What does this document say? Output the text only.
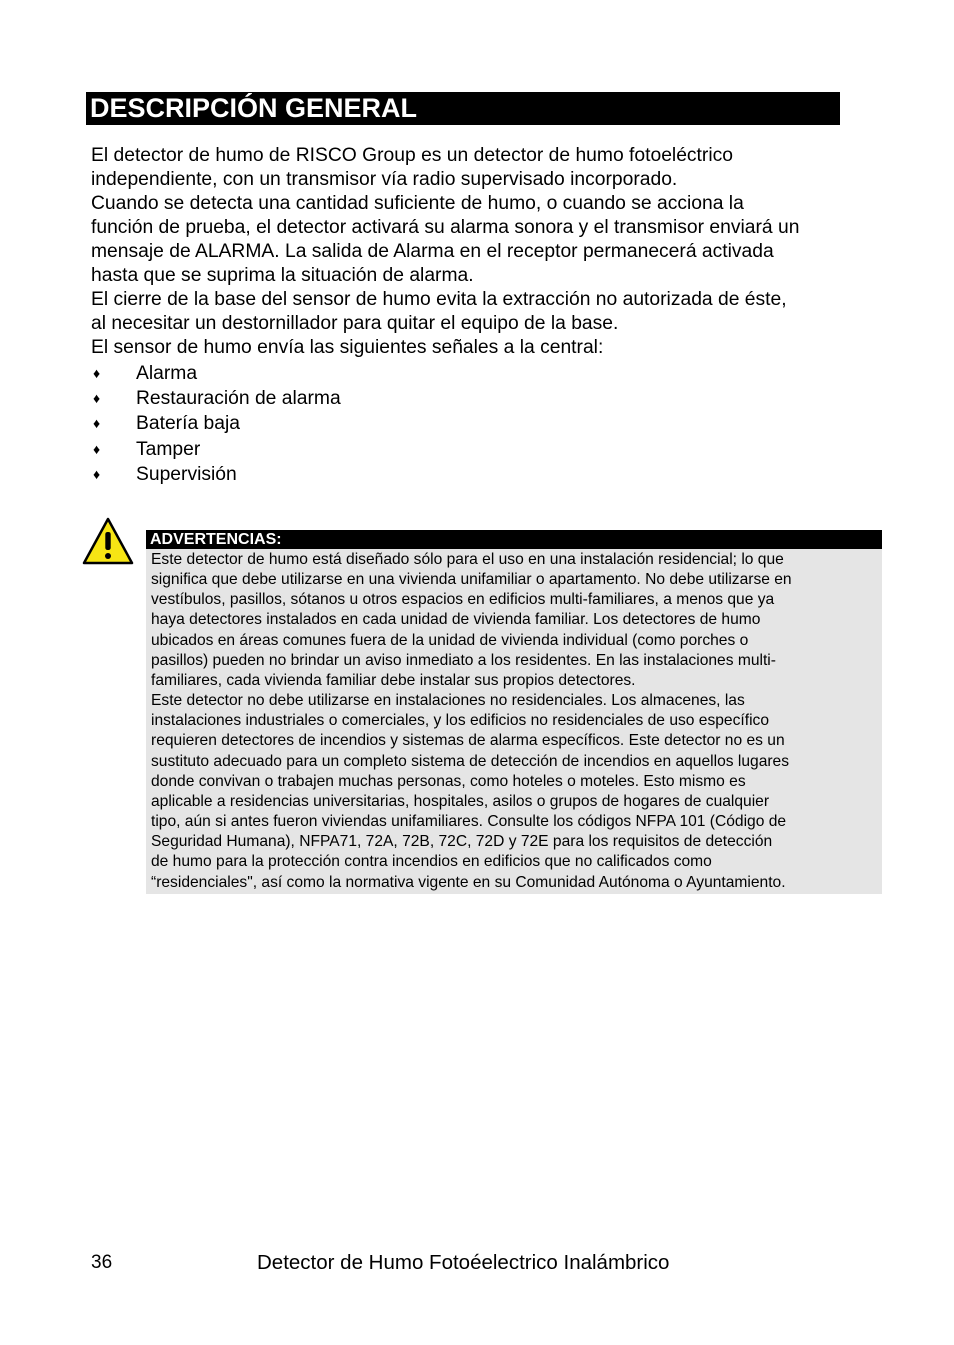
DESCRIPCIÓN GENERAL

El detector de humo de RISCO Group es un detector de humo fotoeléctrico

independiente, con un transmisor vía radio supervisado incorporado.

Cuando se detecta una cantidad suficiente de humo, o cuando se acciona la

función de prueba, el detector activará su alarma sonora y el transmisor enviará un

mensaje de ALARMA. La salida de Alarma en el receptor permanecerá activada

hasta que se suprima la situación de alarma.

El cierre de la base del sensor de humo evita la extracción no autorizada de éste,

al necesitar un destornillador para quitar el equipo de la base.

El sensor de humo envía las siguientes señales a la central:

♦ Alarma
♦ Restauración de alarma
♦ Batería baja
♦ Tamper
♦ Supervisión
ADVERTENCIAS:

Este detector de humo está diseñado sólo para el uso en una instalación residencial; lo que

significa que debe utilizarse en una vivienda unifamiliar o apartamento. No debe utilizarse en

vestíbulos, pasillos, sótanos u otros espacios en edificios multi-familiares, a menos que ya

haya detectores instalados en cada unidad de vivienda familiar. Los detectores de humo

ubicados en áreas comunes fuera de la unidad de vivienda individual (como porches o

pasillos) pueden no brindar un aviso inmediato a los residentes. En las instalaciones multi-

familiares, cada vivienda familiar debe instalar sus propios detectores.

Este detector no debe utilizarse en instalaciones no residenciales. Los almacenes, las

instalaciones industriales o comerciales, y los edificios no residenciales de uso específico

requieren detectores de incendios y sistemas de alarma específicos. Este detector no es un

sustituto adecuado para un completo sistema de detección de incendios en aquellos lugares

donde convivan o trabajen muchas personas, como hoteles o moteles. Esto mismo es

aplicable a residencias universitarias, hospitales, asilos o grupos de hogares de cualquier

tipo, aún si antes fueron viviendas unifamiliares. Consulte los códigos NFPA 101 (Código de

Seguridad Humana), NFPA71, 72A, 72B, 72C, 72D y 72E para los requisitos de detección

de humo para la protección contra incendios en edificios que no calificados como

“residenciales", así como la normativa vigente en su Comunidad Autónoma o Ayuntamiento.

36	Detector de Humo Fotoéelectrico Inalámbrico
